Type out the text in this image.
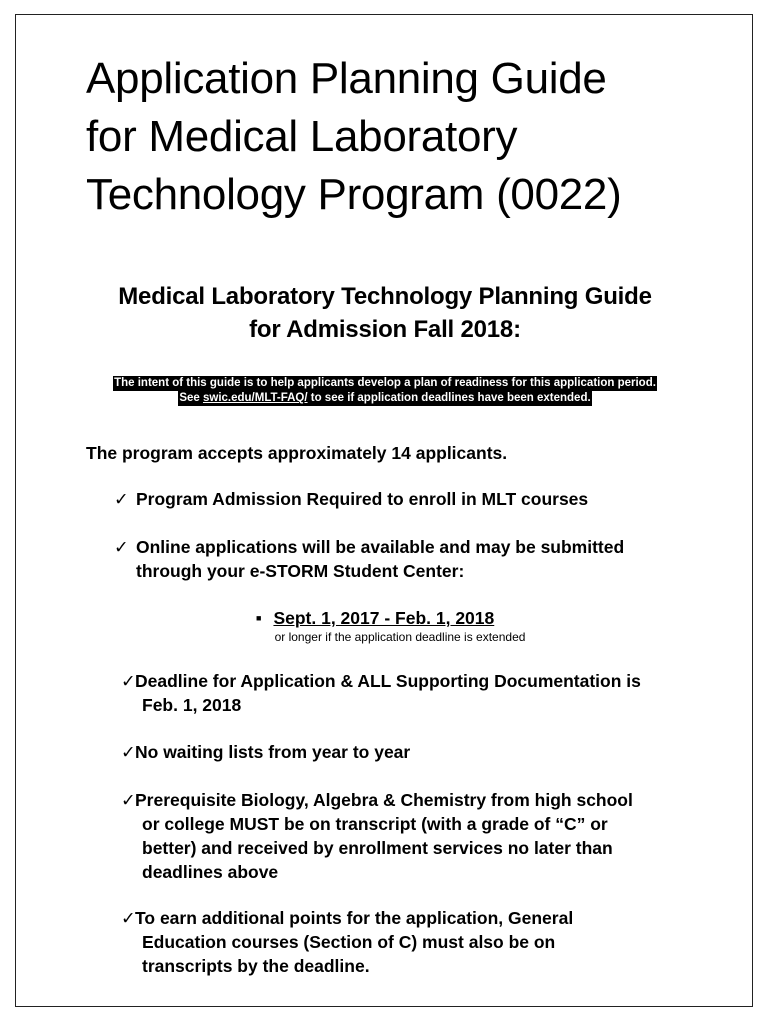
Application Planning Guide
for Medical Laboratory
Technology Program (0022)
Medical Laboratory Technology Planning Guide
for Admission Fall 2018:
The intent of this guide is to help applicants develop a plan of readiness for this application period.
See swic.edu/MLT-FAQ/ to see if application deadlines have been extended.

The program accepts approximately 14 applicants.

✓ Program Admission Required to enroll in MLT courses
✓ Online applications will be available and may be submitted
through your e-STORM Student Center:
■ Sept. 1, 2017 - Feb. 1, 2018
or longer if the application deadline is extended
✓ Deadline for Application & ALL Supporting Documentation is
Feb. 1, 2018
✓ No waiting lists from year to year
✓ Prerequisite Biology, Algebra & Chemistry from high school
or college MUST be on transcript (with a grade of “C” or
better) and received by enrollment services no later than
deadlines above
✓ To earn additional points for the application, General
Education courses (Section of C) must also be on
transcripts by the deadline.
